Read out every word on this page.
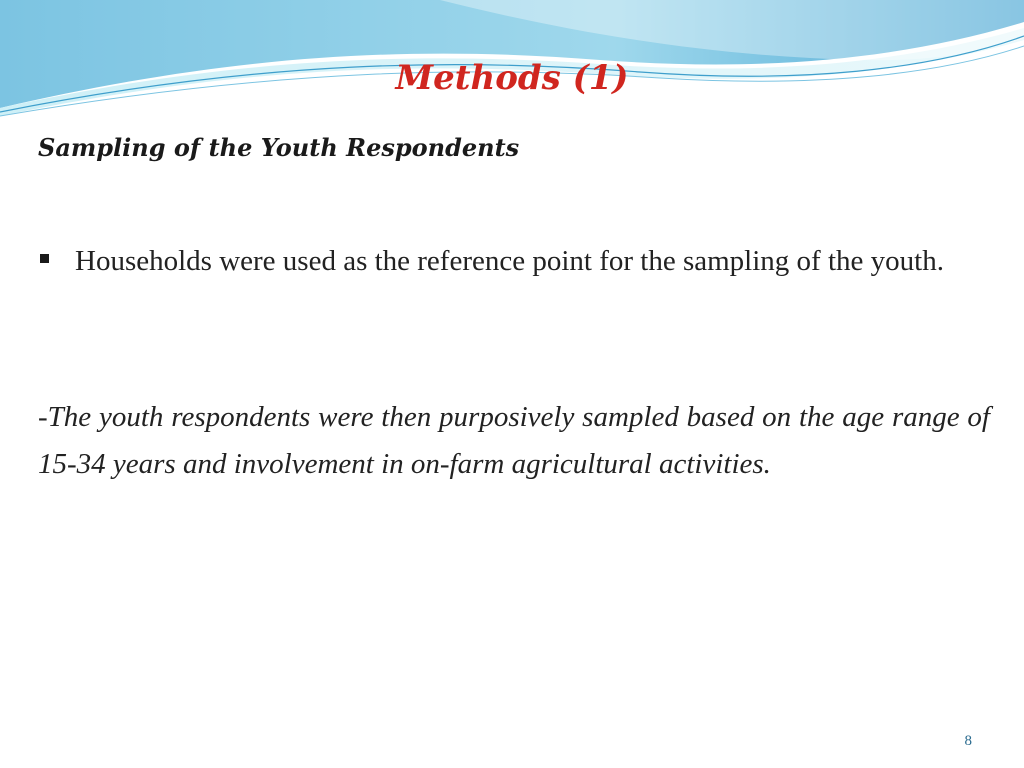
Methods (1)
Sampling of the Youth Respondents
Households were used as the reference point for the sampling of the youth.

-The youth respondents were then purposively sampled based on the age range of 15-34 years and involvement in on-farm agricultural activities.

8
